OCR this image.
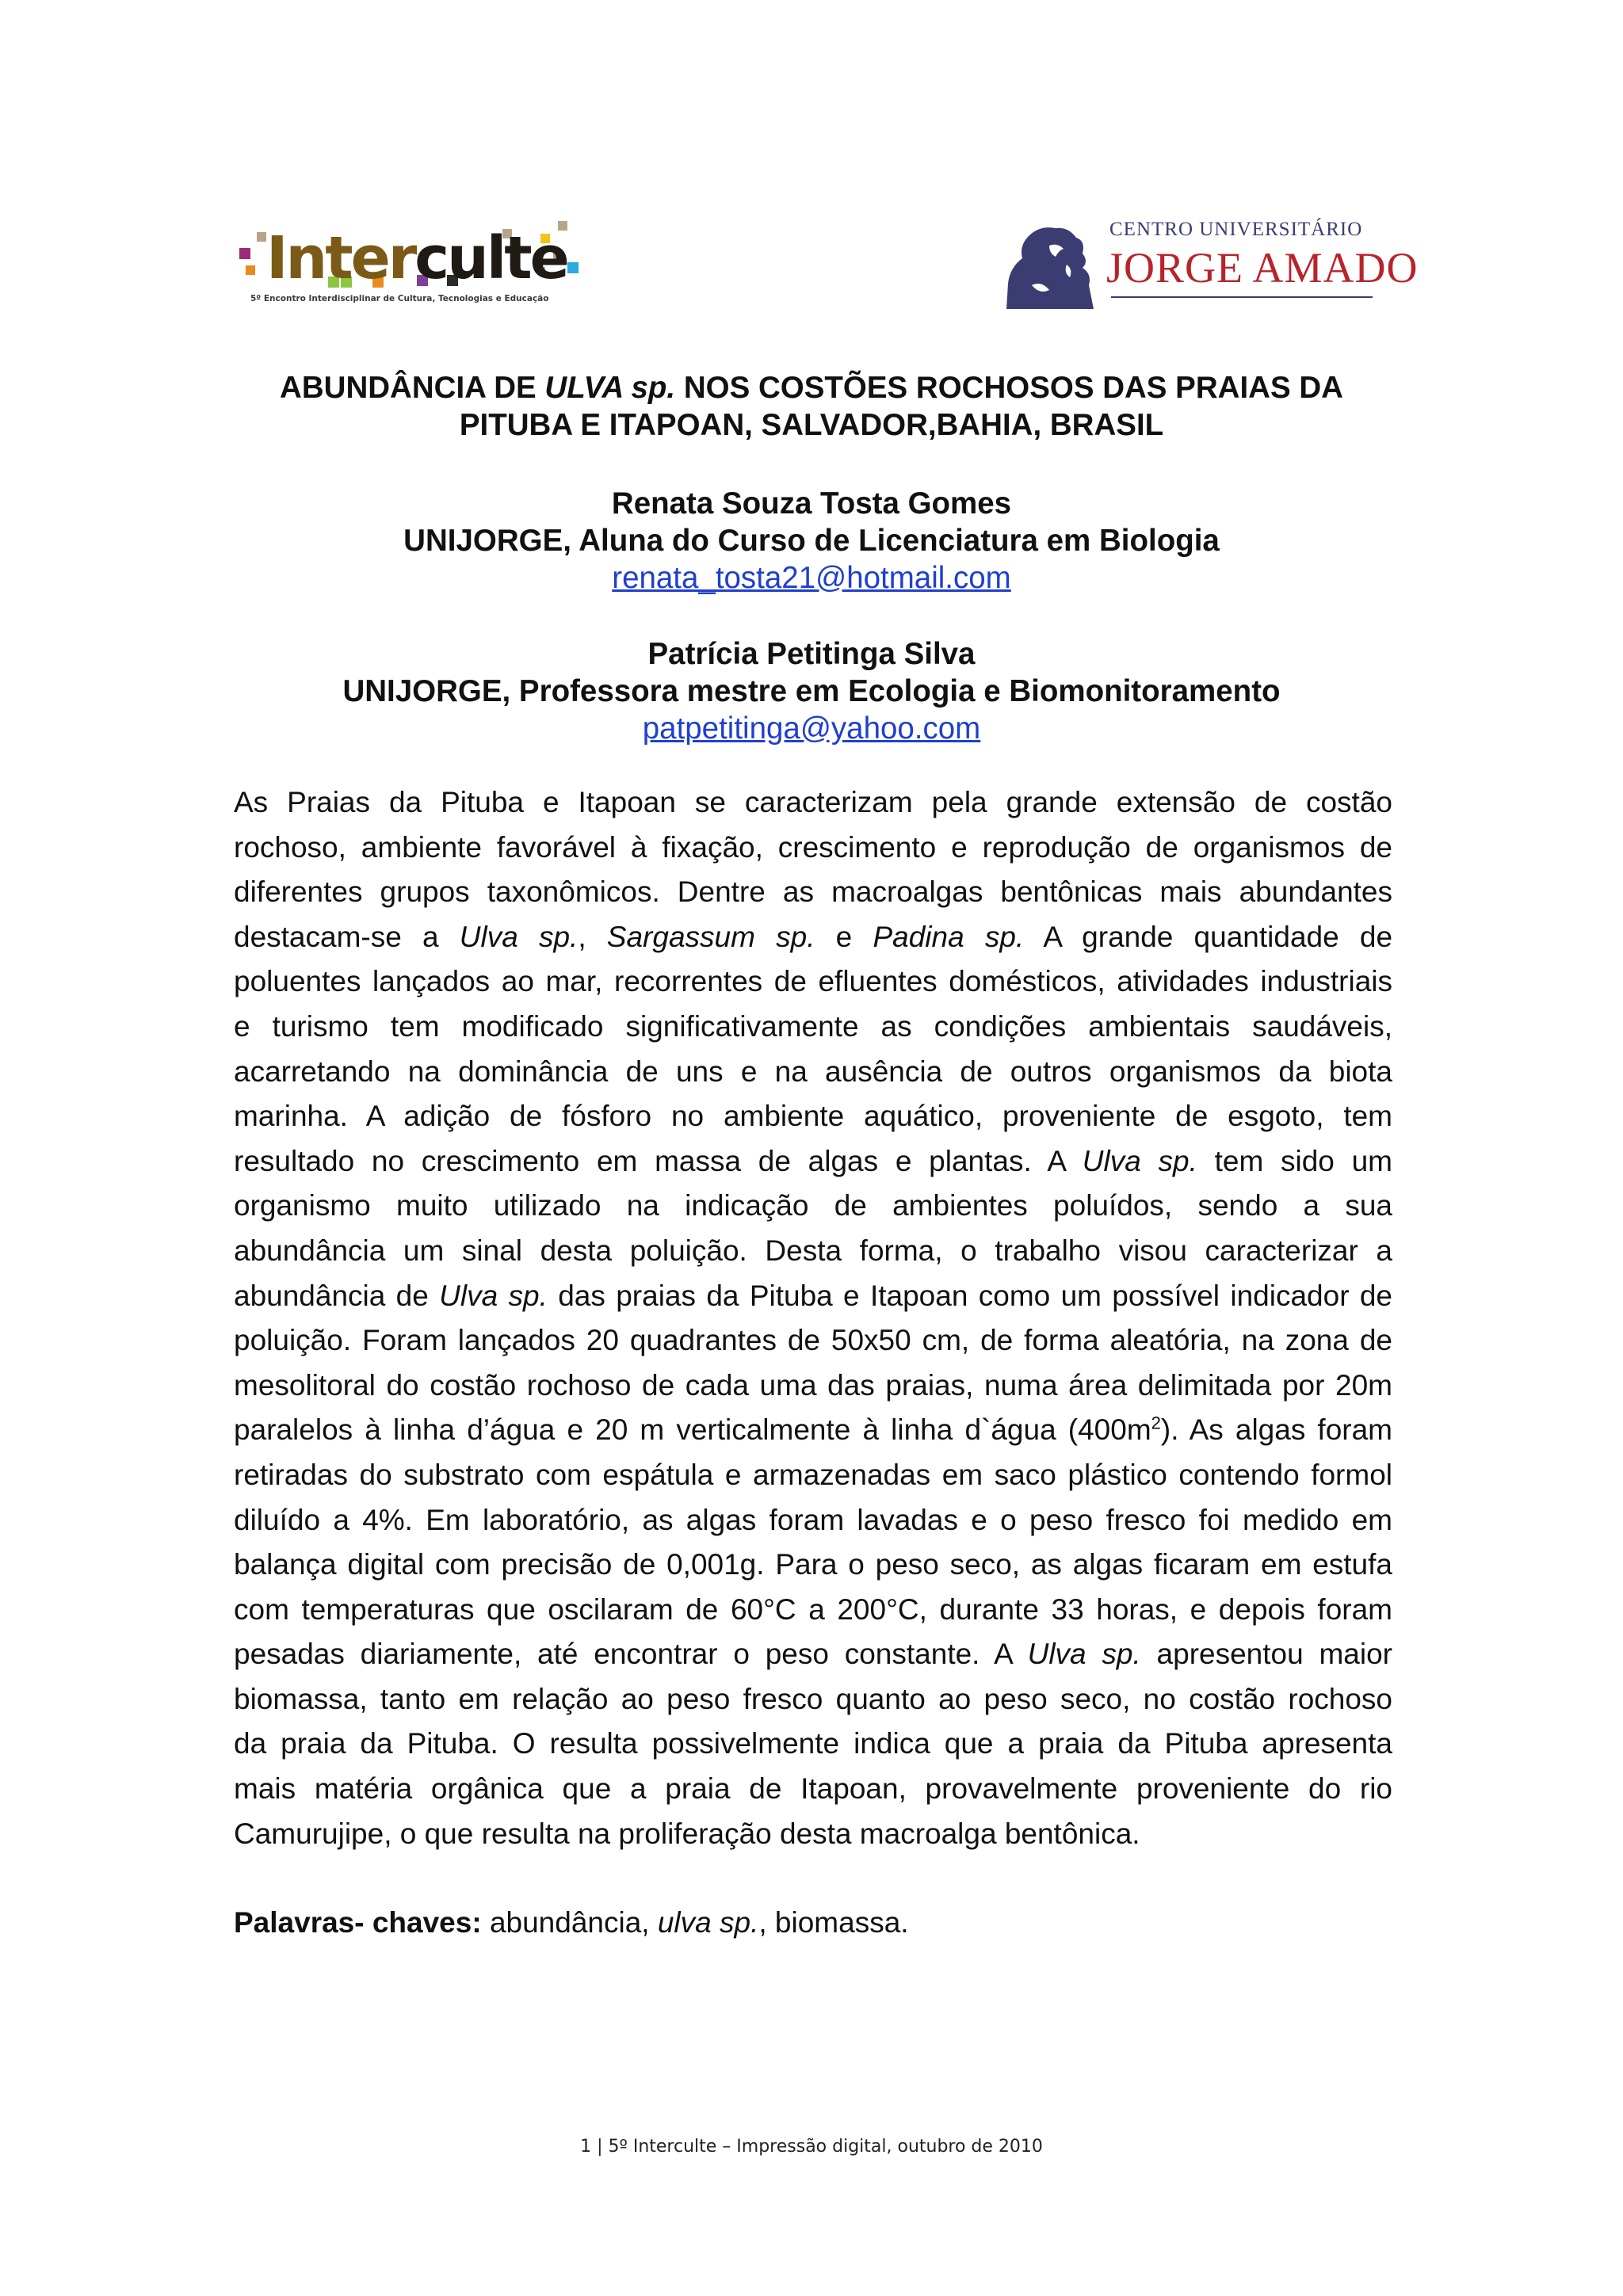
Interculte
5º Encontro Interdisciplinar de Cultura, Tecnologias e Educação
CENTRO UNIVERSITÁRIO
JORGE AMADO
ABUNDÂNCIA DE ULVA sp. NOS COSTÕES ROCHOSOS DAS PRAIAS DA
PITUBA E ITAPOAN, SALVADOR,BAHIA, BRASIL
Renata Souza Tosta Gomes
UNIJORGE, Aluna do Curso de Licenciatura em Biologia
renata_tosta21@hotmail.com
Patrícia Petitinga Silva
UNIJORGE, Professora mestre em Ecologia e Biomonitoramento
patpetitinga@yahoo.com
As Praias da Pituba e Itapoan se caracterizam pela grande extensão de costão
rochoso, ambiente favorável à fixação, crescimento e reprodução de organismos de
diferentes grupos taxonômicos. Dentre as macroalgas bentônicas mais abundantes
destacam-se a Ulva sp., Sargassum sp. e Padina sp. A grande quantidade de
poluentes lançados ao mar, recorrentes de efluentes domésticos, atividades industriais
e turismo tem modificado significativamente as condições ambientais saudáveis,
acarretando na dominância de uns e na ausência de outros organismos da biota
marinha. A adição de fósforo no ambiente aquático, proveniente de esgoto, tem
resultado no crescimento em massa de algas e plantas. A Ulva sp. tem sido um
organismo muito utilizado na indicação de ambientes poluídos, sendo a sua
abundância um sinal desta poluição. Desta forma, o trabalho visou caracterizar a
abundância de Ulva sp. das praias da Pituba e Itapoan como um possível indicador de
poluição. Foram lançados 20 quadrantes de 50x50 cm, de forma aleatória, na zona de
mesolitoral do costão rochoso de cada uma das praias, numa área delimitada por 20m
paralelos à linha d’água e 20 m verticalmente à linha d`água $(400m^2)$. As algas foram
retiradas do substrato com espátula e armazenadas em saco plástico contendo formol
diluído a 4%. Em laboratório, as algas foram lavadas e o peso fresco foi medido em
balança digital com precisão de 0,001g. Para o peso seco, as algas ficaram em estufa
com temperaturas que oscilaram de 60°C a 200°C, durante 33 horas, e depois foram
pesadas diariamente, até encontrar o peso constante. A Ulva sp. apresentou maior
biomassa, tanto em relação ao peso fresco quanto ao peso seco, no costão rochoso
da praia da Pituba. O resulta possivelmente indica que a praia da Pituba apresenta
mais matéria orgânica que a praia de Itapoan, provavelmente proveniente do rio
Camurujipe, o que resulta na proliferação desta macroalga bentônica.
Palavras- chaves: abundância, ulva sp., biomassa.
1 | 5º Interculte – Impressão digital, outubro de 2010
